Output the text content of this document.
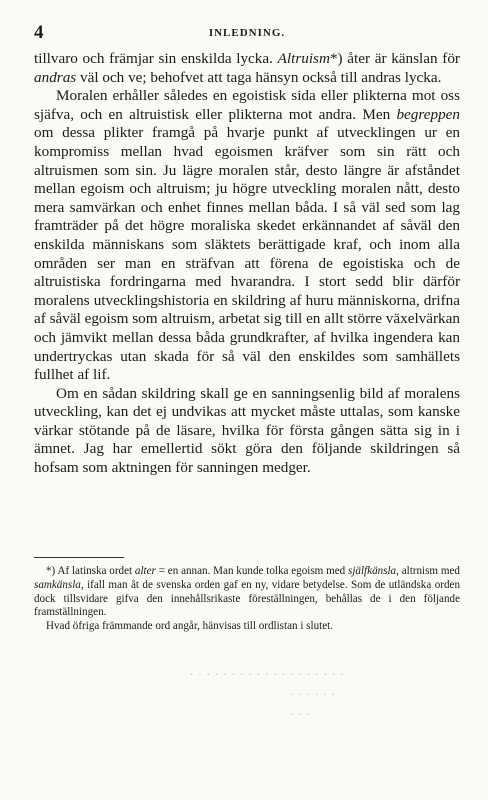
4	INLEDNING.

tillvaro och främjar sin enskilda lycka. Altruism*) åter är känslan för andras väl och ve; behofvet att taga hänsyn också till andras lycka.

Moralen erhåller således en egoistisk sida eller plikterna mot oss sjäfva, och en altruistisk eller plikterna mot andra. Men begreppen om dessa plikter framgå på hvarje punkt af utvecklingen ur en kompromiss mellan hvad egoismen kräfver som sin rätt och altruismen som sin. Ju lägre moralen står, desto längre är afståndet mellan egoism och altruism; ju högre utveckling moralen nått, desto mera samvärkan och enhet finnes mellan båda. I så väl sed som lag framträder på det högre moraliska skedet erkännandet af såväl den enskilda människans som släktets berättigade kraf, och inom alla områden ser man en sträfvan att förena de egoistiska och de altruistiska fordringarna med hvarandra. I stort sedd blir därför moralens utvecklingshistoria en skildring af huru människorna, drifna af såväl egoism som altruism, arbetat sig till en allt större växelvärkan och jämvikt mellan dessa båda grundkrafter, af hvilka ingendera kan undertryckas utan skada för så väl den enskildes som samhällets fullhet af lif.

Om en sådan skildring skall ge en sanningsenlig bild af moralens utveckling, kan det ej undvikas att mycket måste uttalas, som kanske värkar stötande på de läsare, hvilka för första gången sätta sig in i ämnet. Jag har emellertid sökt göra den följande skildringen så hofsam som aktningen för sanningen medger.

*) Af latinska ordet alter = en annan. Man kunde tolka egoism med själfkänsla, altrnism med samkänsla, ifall man åt de svenska orden gaf en ny, vidare betydelse. Som de utländska orden dock tillsvidare gifva den innehållsrikaste föreställningen, behållas de i den följande framställningen.

Hvad öfriga främmande ord angår, hänvisas till ordlistan i slutet.

· · · · · · · · · · · · · · · · · · ·
· · · · · ·
· · ·
